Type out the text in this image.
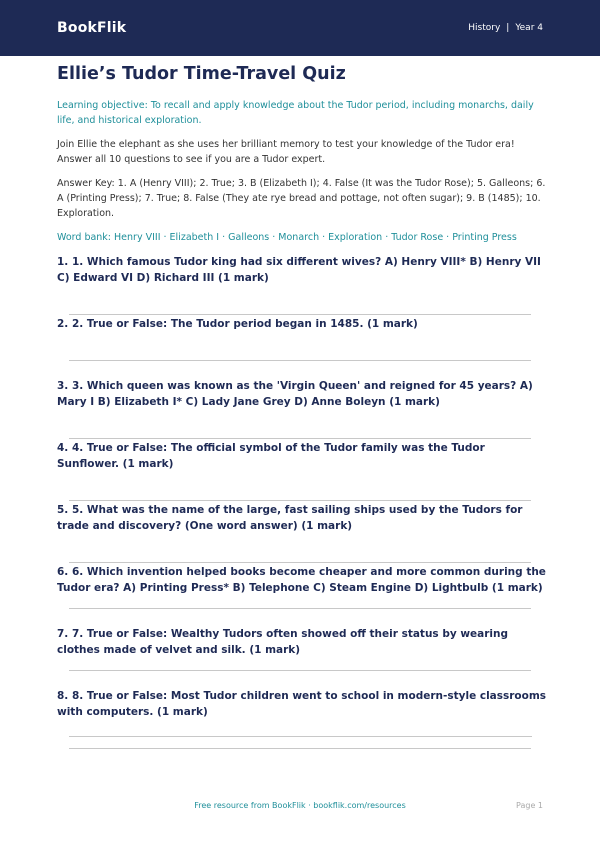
BookFlik	History | Year 4
Ellie’s Tudor Time-Travel Quiz

Learning objective: To recall and apply knowledge about the Tudor period, including monarchs, daily life, and historical exploration.

Join Ellie the elephant as she uses her brilliant memory to test your knowledge of the Tudor era! Answer all 10 questions to see if you are a Tudor expert.

Answer Key: 1. A (Henry VIII); 2. True; 3. B (Elizabeth I); 4. False (It was the Tudor Rose); 5. Galleons; 6. A (Printing Press); 7. True; 8. False (They ate rye bread and pottage, not often sugar); 9. B (1485); 10. Exploration.

Word bank: Henry VIII · Elizabeth I · Galleons · Monarch · Exploration · Tudor Rose · Printing Press

1. 1. Which famous Tudor king had six different wives? A) Henry VIII* B) Henry VII C) Edward VI D) Richard III (1 mark)

2. 2. True or False: The Tudor period began in 1485. (1 mark)

3. 3. Which queen was known as the 'Virgin Queen' and reigned for 45 years? A) Mary I B) Elizabeth I* C) Lady Jane Grey D) Anne Boleyn (1 mark)

4. 4. True or False: The official symbol of the Tudor family was the Tudor Sunflower. (1 mark)

5. 5. What was the name of the large, fast sailing ships used by the Tudors for trade and discovery? (One word answer) (1 mark)

6. 6. Which invention helped books become cheaper and more common during the Tudor era? A) Printing Press* B) Telephone C) Steam Engine D) Lightbulb (1 mark)

7. 7. True or False: Wealthy Tudors often showed off their status by wearing clothes made of velvet and silk. (1 mark)

8. 8. True or False: Most Tudor children went to school in modern-style classrooms with computers. (1 mark)

Free resource from BookFlik · bookflik.com/resources	Page 1
